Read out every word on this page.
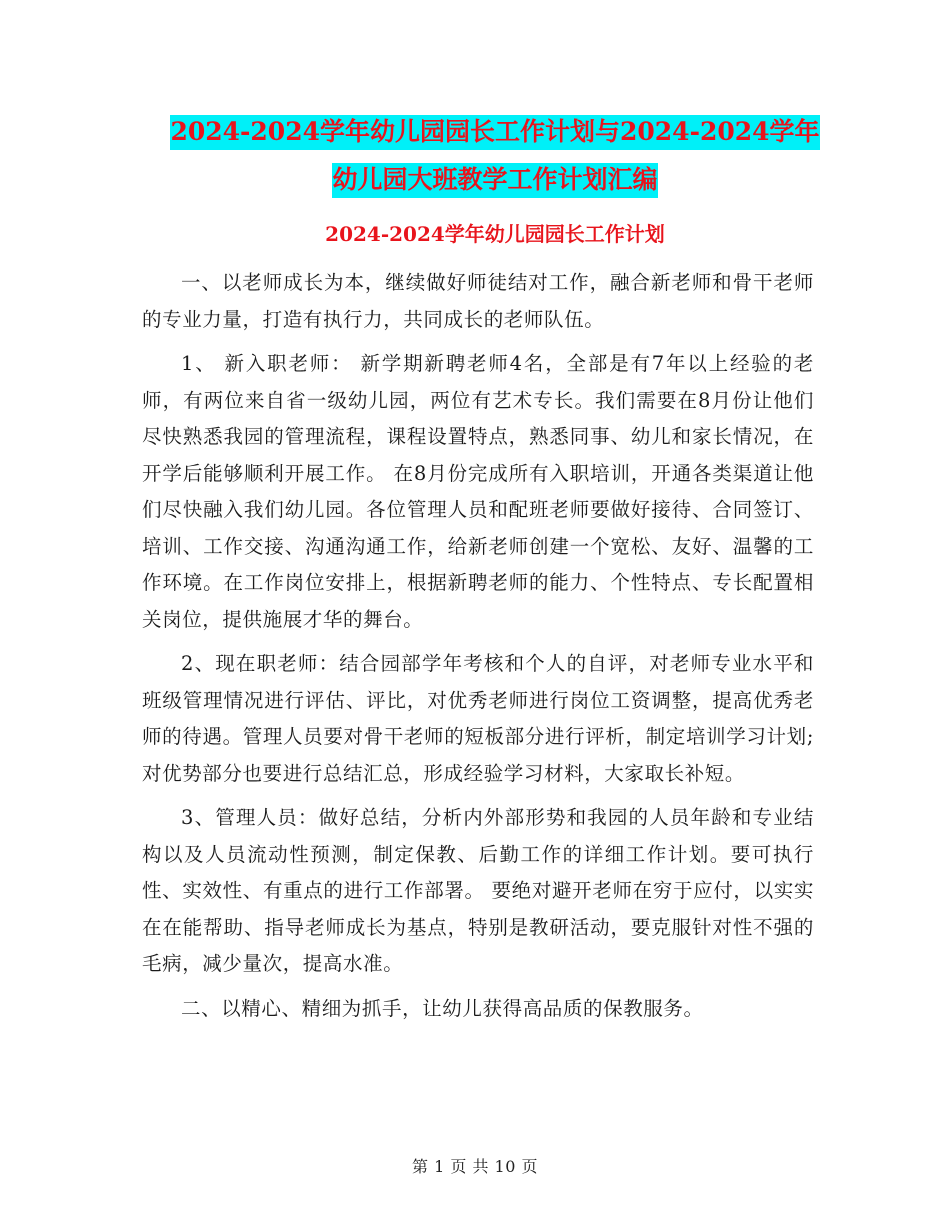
2024-2024学年幼儿园园长工作计划与2024-2024学年
幼儿园大班教学工作计划汇编
2024-2024学年幼儿园园长工作计划

一、以老师成长为本，继续做好师徒结对工作，融合新老师和骨干老师的专业力量，打造有执行力，共同成长的老师队伍。

1、 新入职老师： 新学期新聘老师4名，全部是有7年以上经验的老师，有两位来自省一级幼儿园，两位有艺术专长。我们需要在8月份让他们尽快熟悉我园的管理流程，课程设置特点，熟悉同事、幼儿和家长情况，在开学后能够顺利开展工作。 在8月份完成所有入职培训，开通各类渠道让他们尽快融入我们幼儿园。各位管理人员和配班老师要做好接待、合同签订、培训、工作交接、沟通沟通工作，给新老师创建一个宽松、友好、温馨的工作环境。在工作岗位安排上，根据新聘老师的能力、个性特点、专长配置相关岗位，提供施展才华的舞台。

2、现在职老师：结合园部学年考核和个人的自评，对老师专业水平和班级管理情况进行评估、评比，对优秀老师进行岗位工资调整，提高优秀老师的待遇。管理人员要对骨干老师的短板部分进行评析，制定培训学习计划;对优势部分也要进行总结汇总，形成经验学习材料，大家取长补短。

3、管理人员：做好总结，分析内外部形势和我园的人员年龄和专业结构以及人员流动性预测，制定保教、后勤工作的详细工作计划。要可执行性、实效性、有重点的进行工作部署。 要绝对避开老师在穷于应付，以实实在在能帮助、指导老师成长为基点，特别是教研活动，要克服针对性不强的毛病，减少量次，提高水准。

二、以精心、精细为抓手，让幼儿获得高品质的保教服务。

第 1 页 共 10 页
